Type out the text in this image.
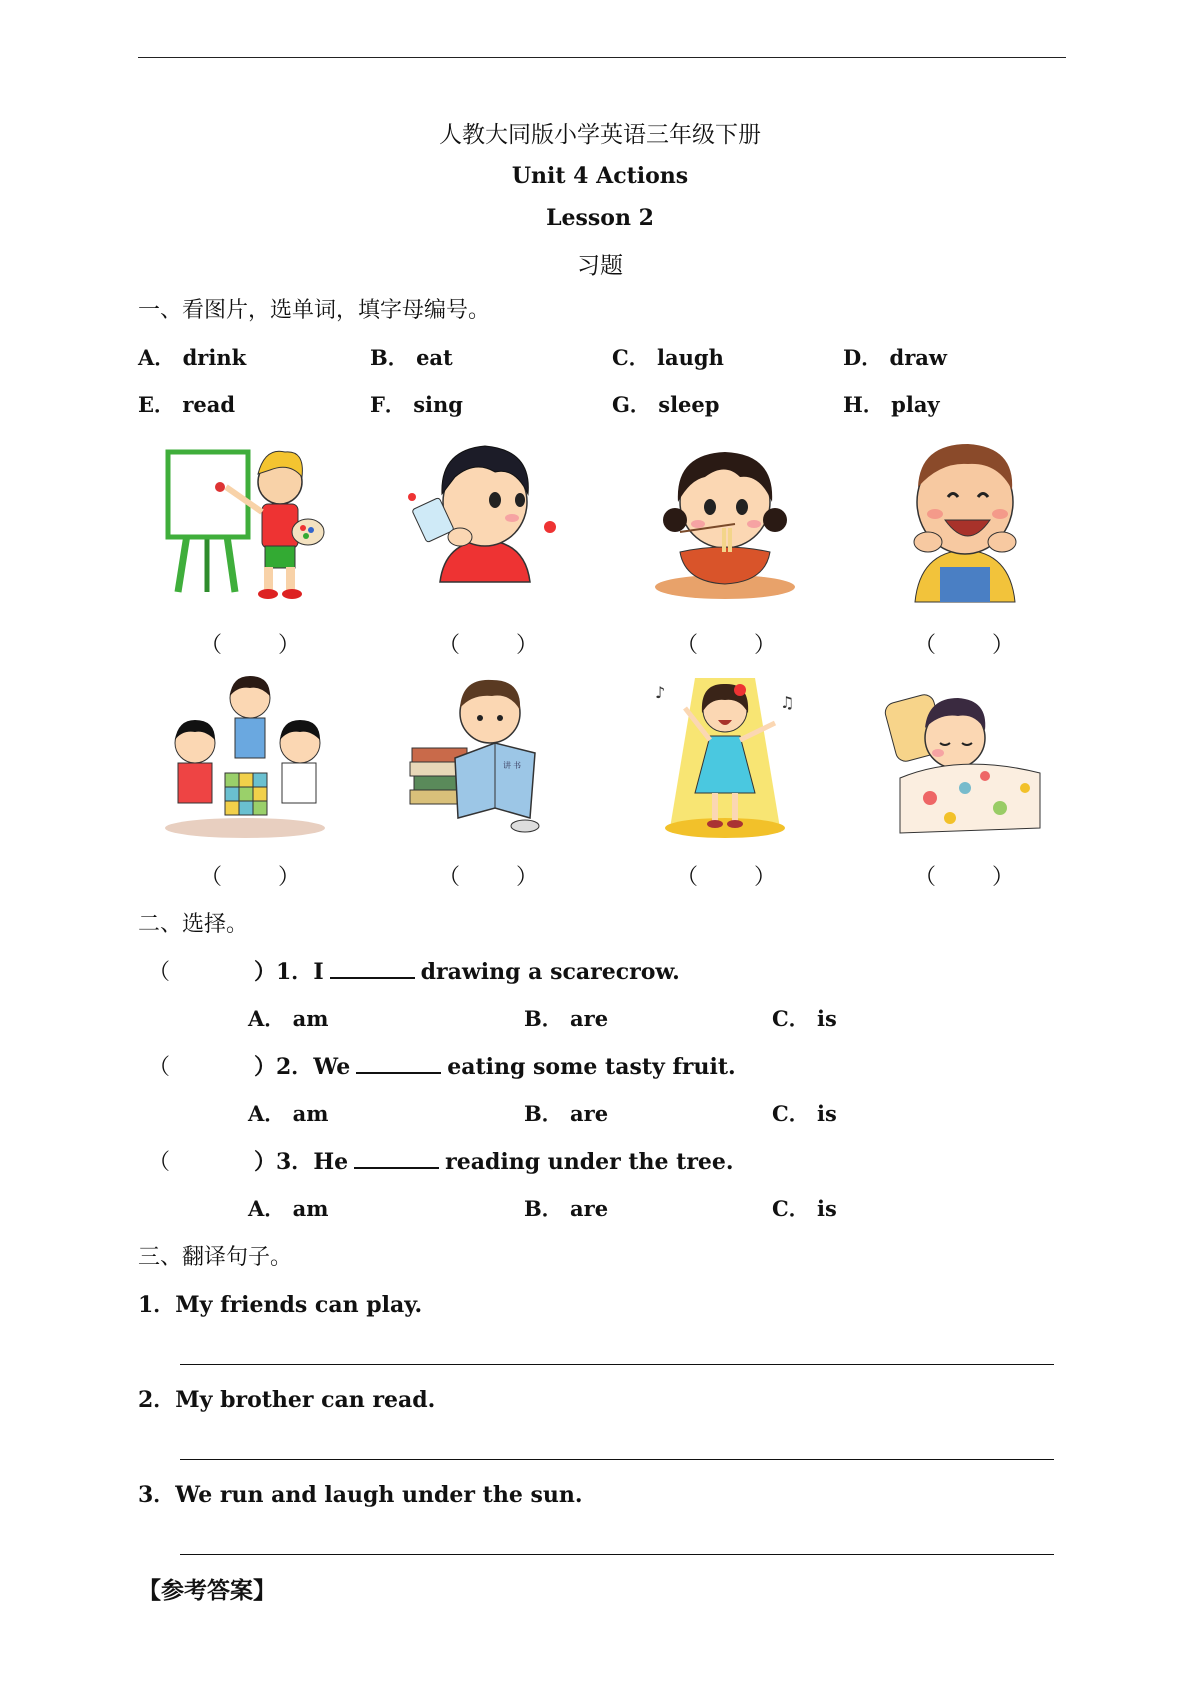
人教大同版小学英语三年级下册
Unit 4 Actions
Lesson 2
习题
一、看图片，选单词，填字母编号。
A． drink	B． eat	C． laugh	D． draw
E． read	F． sing	G． sleep	H． play
（	）	（	）	（	）	（	）
讲 书
♪
♫
（	）	（	）	（	）	（	）
二、选择。
（	）1．I	drawing a scarecrow.
A． am	B． are	C． is
（	）2．We	eating some tasty fruit.
A． am	B． are	C． is
（	）3．He	reading under the tree.
A． am	B． are	C． is
三、翻译句子。
1．My friends can play.
2．My brother can read.
3．We run and laugh under the sun.
【参考答案】
